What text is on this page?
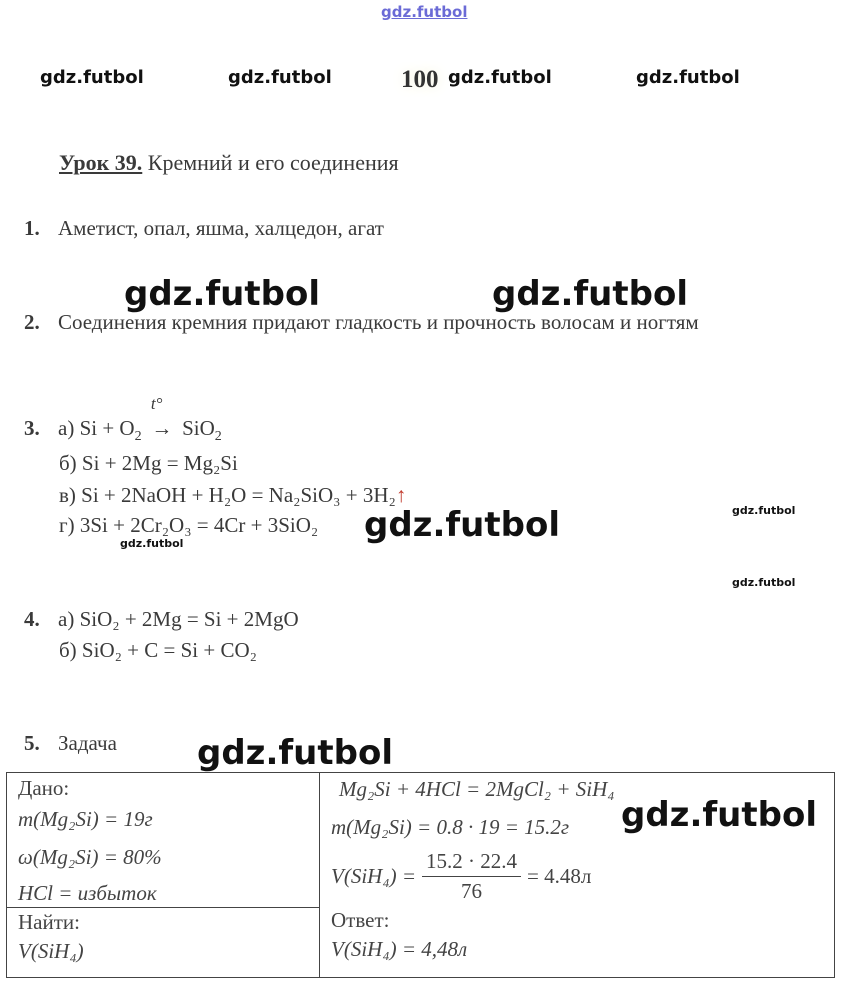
gdz.futbol
gdz.futbol	gdz.futbol	100 gdz.futbol	gdz.futbol
Урок 39. Кремний и его соединения
1. Аметист, опал, яшма, халцедон, агат
gdz.futbol	gdz.futbol
2. Соединения кремния придают гладкость и прочность волосам и ногтям
3. а) $Si + O_2$
t°
→ SiO$_2$
б) Si + 2Mg = Mg₂Si
в) Si + 2NaOH + H₂O = Na₂SiO₃ + 3H₂↑
г) 3Si + 2Cr₂O₃ = 4Cr + 3SiO₂ gdz.futbol	gdz.futbol
gdz.futbol
gdz.futbol
4. а) SiO₂ + 2Mg = Si + 2MgO
б) SiO₂ + C = Si + CO₂
5. Задача gdz.futbol
Дано:
m(Mg₂Si) = 19г
ω(Mg₂Si) = 80%
HCl = избыток
Найти:
V(SiH₄)
Mg₂Si + 4HCl = 2MgCl₂ + SiH₄
m(Mg₂Si) = 0.8 · 19 = 15.2г
$V(SiH_4) = \frac{15.2 \cdot 22.4}{76} = 4.48л$
Ответ:
V(SiH₄) = 4,48л
gdz.futbol
